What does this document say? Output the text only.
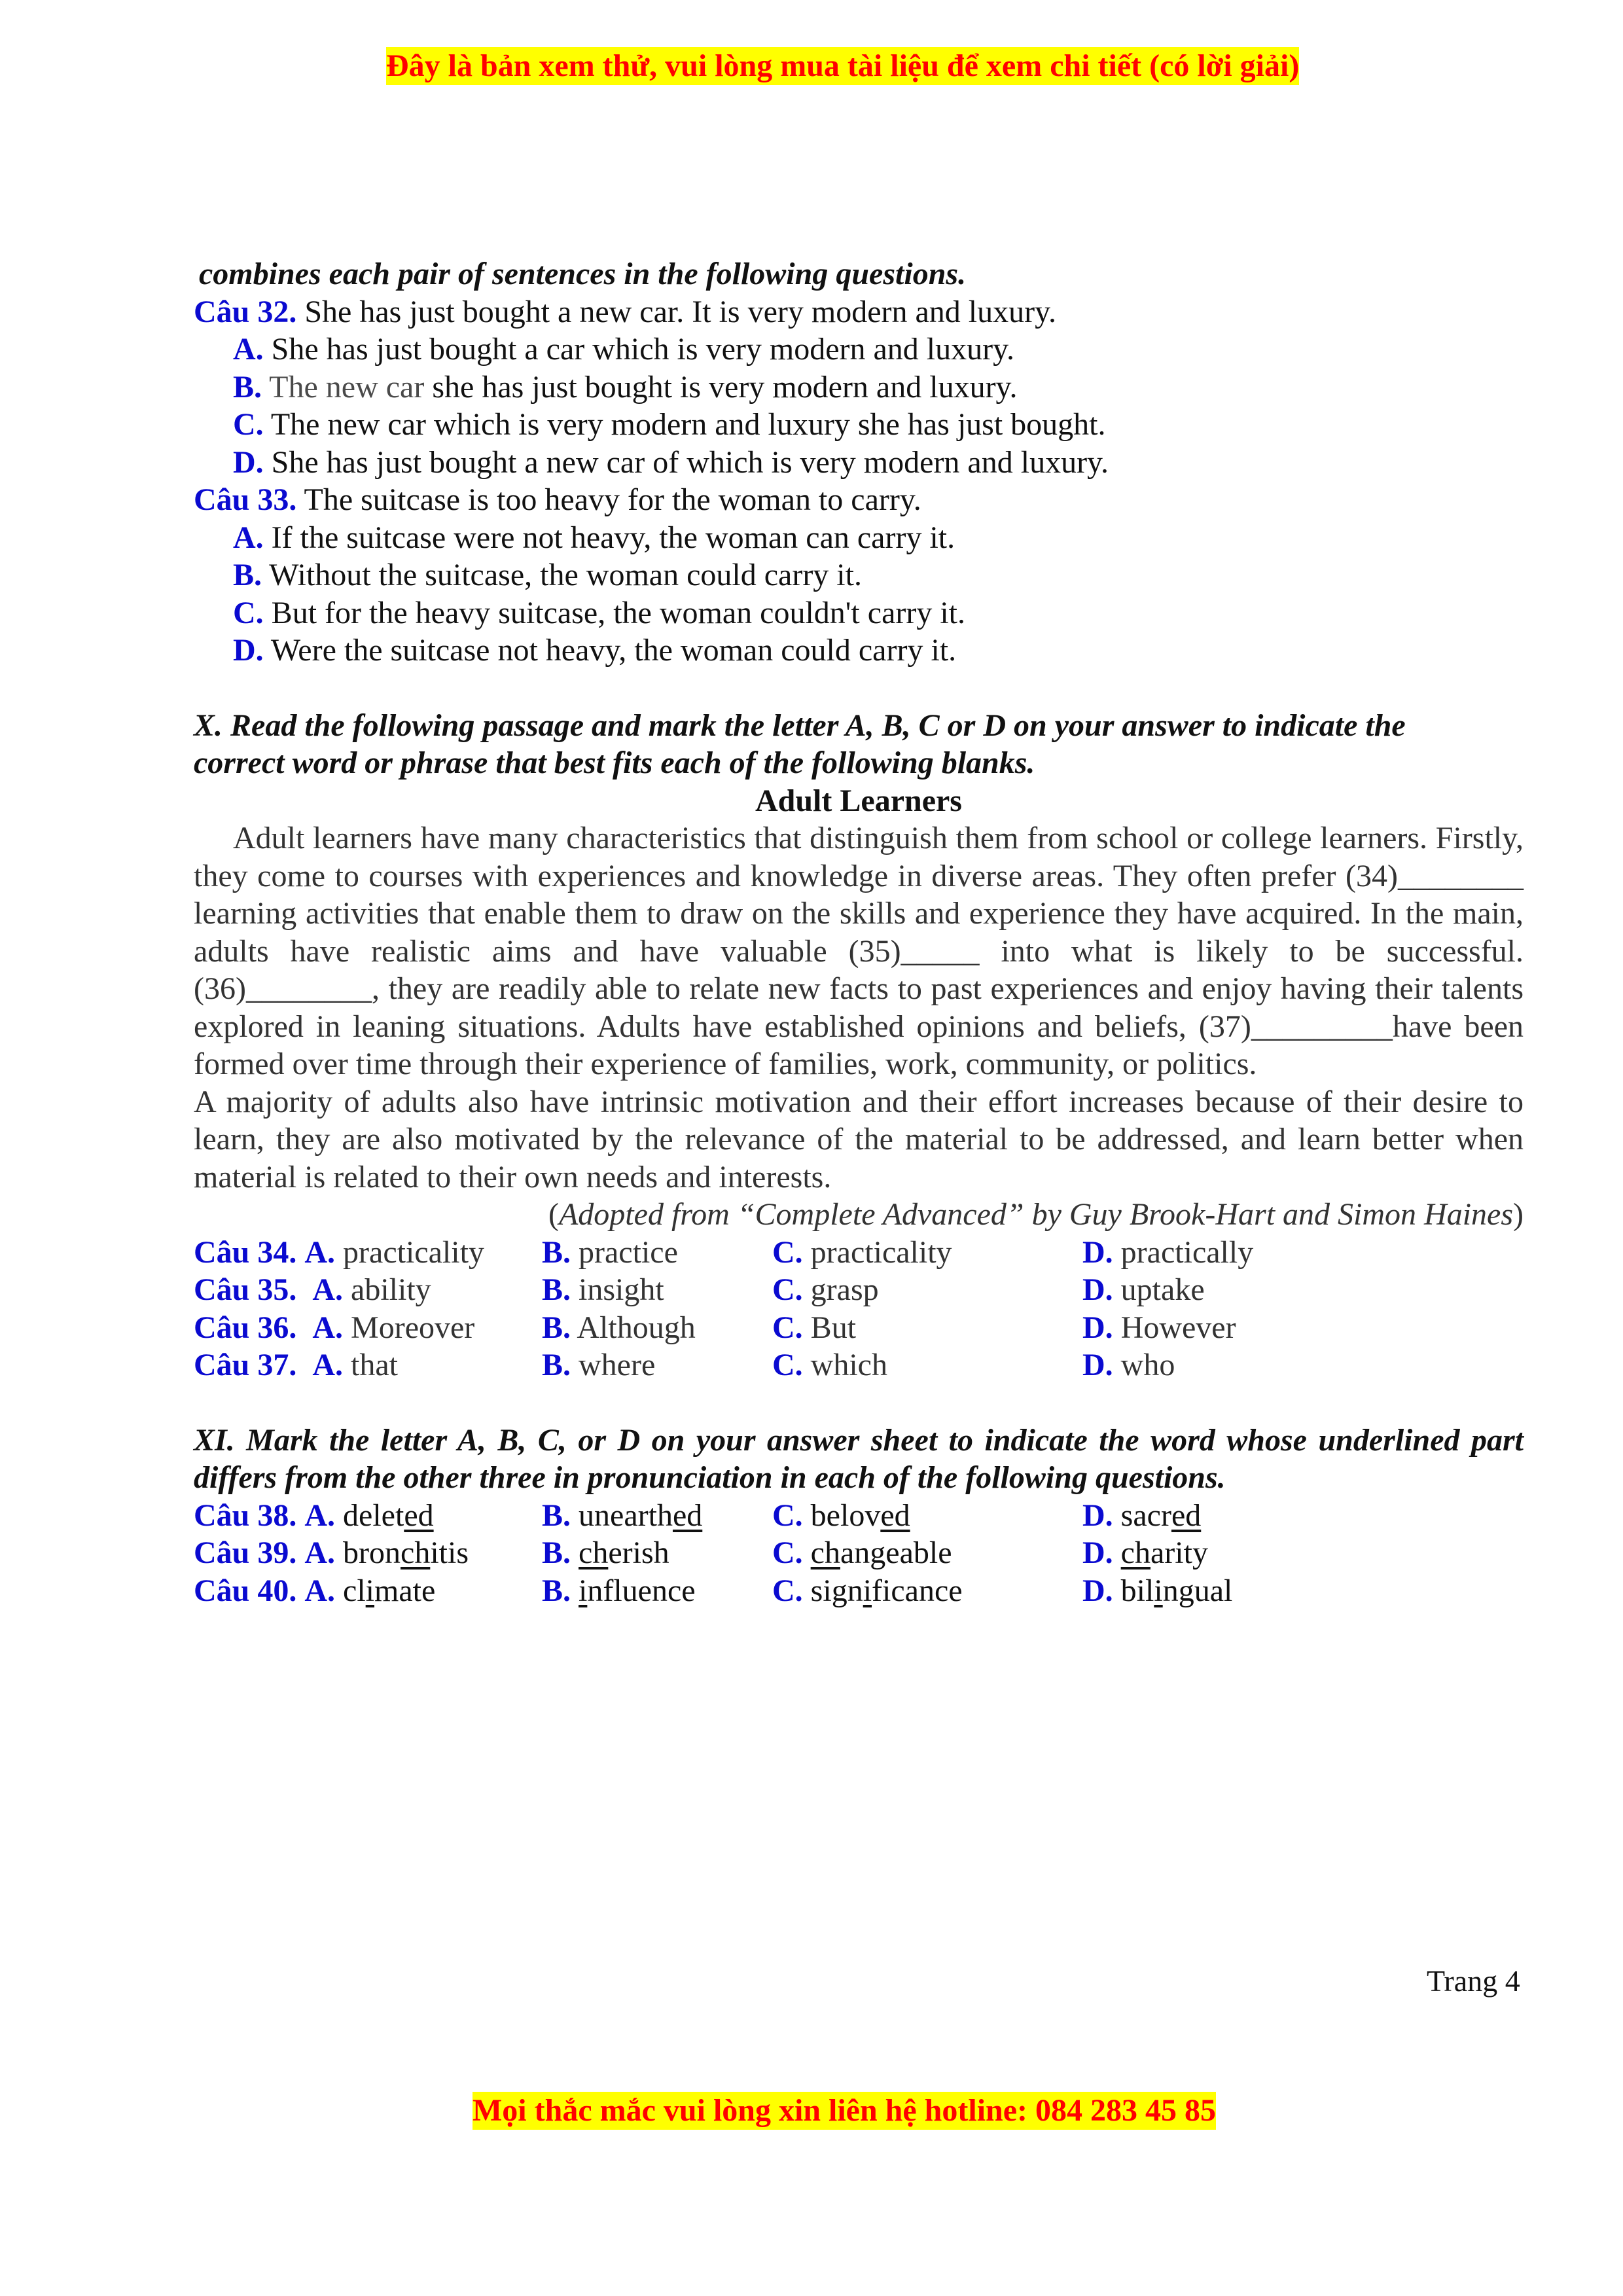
Đây là bản xem thử, vui lòng mua tài liệu để xem chi tiết (có lời giải)
combines each pair of sentences in the following questions.
Câu 32. She has just bought a new car. It is very modern and luxury.
A. She has just bought a car which is very modern and luxury.
B. The new car she has just bought is very modern and luxury.
C. The new car which is very modern and luxury she has just bought.
D. She has just bought a new car of which is very modern and luxury.
Câu 33. The suitcase is too heavy for the woman to carry.
A. If the suitcase were not heavy, the woman can carry it.
B. Without the suitcase, the woman could carry it.
C. But for the heavy suitcase, the woman couldn't carry it.
D. Were the suitcase not heavy, the woman could carry it.
X. Read the following passage and mark the letter A, B, C or D on your answer to indicate the
correct word or phrase that best fits each of the following blanks.
Adult Learners
Adult learners have many characteristics that distinguish them from school or college learners. Firstly, they come to courses with experiences and knowledge in diverse areas. They often prefer (34)________ learning activities that enable them to draw on the skills and experience they have acquired. In the main, adults have realistic aims and have valuable (35)_____ into what is likely to be successful. (36)________, they are readily able to relate new facts to past experiences and enjoy having their talents explored in leaning situations. Adults have established opinions and beliefs, (37)_________have been formed over time through their experience of families, work, community, or politics.
A majority of adults also have intrinsic motivation and their effort increases because of their desire to learn, they are also motivated by the relevance of the material to be addressed, and learn better when material is related to their own needs and interests.
(Adopted from “Complete Advanced” by Guy Brook-Hart and Simon Haines)
Câu 34. A. practicality	B. practice	C. practicality	D. practically
Câu 35. A. ability	B. insight	C. grasp	D. uptake
Câu 36. A. Moreover	B. Although	C. But	D. However
Câu 37. A. that	B. where	C. which	D. who
XI. Mark the letter A, B, C, or D on your answer sheet to indicate the word whose underlined part
differs from the other three in pronunciation in each of the following questions.
Câu 38. A. deleted	B. unearthed	C. beloved	D. sacred
Câu 39. A. bronchitis	B. cherish	C. changeable	D. charity
Câu 40. A. climate	B. influence	C. significance	D. bilingual
Trang 4
Mọi thắc mắc vui lòng xin liên hệ hotline: 084 283 45 85
